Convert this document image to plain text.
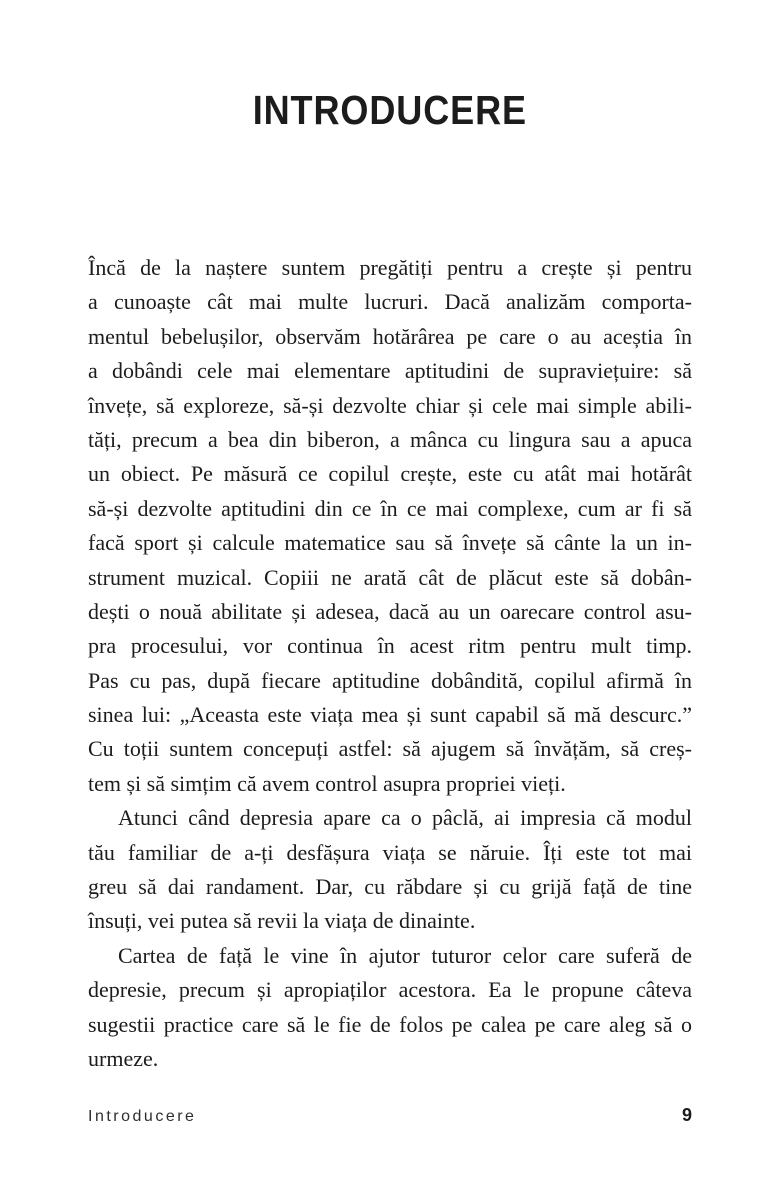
INTRODUCERE
Încă de la naștere suntem pregătiți pentru a crește și pentru
a cunoaște cât mai multe lucruri. Dacă analizăm comporta-
mentul bebelușilor, observăm hotărârea pe care o au aceștia în
a dobândi cele mai elementare aptitudini de supraviețuire: să
învețe, să exploreze, să-și dezvolte chiar și cele mai simple abili-
tăți, precum a bea din biberon, a mânca cu lingura sau a apuca
un obiect. Pe măsură ce copilul crește, este cu atât mai hotărât
să-și dezvolte aptitudini din ce în ce mai complexe, cum ar fi să
facă sport și calcule matematice sau să învețe să cânte la un in-
strument muzical. Copiii ne arată cât de plăcut este să dobân-
dești o nouă abilitate și adesea, dacă au un oarecare control asu-
pra procesului, vor continua în acest ritm pentru mult timp.
Pas cu pas, după fiecare aptitudine dobândită, copilul afirmă în
sinea lui: „Aceasta este viața mea și sunt capabil să mă descurc.”
Cu toții suntem concepuți astfel: să ajugem să învățăm, să creș-
tem și să simțim că avem control asupra propriei vieți.
Atunci când depresia apare ca o pâclă, ai impresia că modul
tău familiar de a-ți desfășura viața se năruie. Îți este tot mai
greu să dai randament. Dar, cu răbdare și cu grijă față de tine
însuți, vei putea să revii la viața de dinainte.
Cartea de față le vine în ajutor tuturor celor care suferă de
depresie, precum și apropiaților acestora. Ea le propune câteva
sugestii practice care să le fie de folos pe calea pe care aleg să o
urmeze.
Introducere	9
